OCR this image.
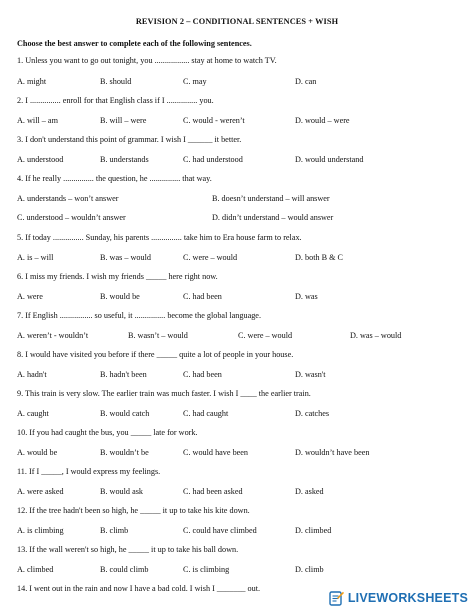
REVISION 2 – CONDITIONAL SENTENCES + WISH
Choose the best answer to complete each of the following sentences.
1. Unless you want to go out tonight, you ................. stay at home to watch TV.
A. might	B. should	C. may	D. can
2. I ............... enroll for that English class if I ............... you.
A. will – am	B. will – were	C. would - weren’t	D. would – were
3. I don't understand this point of grammar. I wish I ______ it better.
A. understood	B. understands	C. had understood	D. would understand
4. If he really ............... the question, he ............... that way.
A. understands – won’t answer	B. doesn’t understand – will answer
C. understood – wouldn’t answer	D. didn’t understand – would answer
5. If today ............... Sunday, his parents ............... take him to Era house farm to relax.
A. is – will	B. was – would	C. were – would	D. both B & C
6. I miss my friends. I wish my friends _____ here right now.
A. were	B. would be	C. had been	D. was
7. If English ................ so useful, it ............... become the global language.
A. weren’t - wouldn’t	B. wasn’t – would	C. were – would	D. was – would
8. I would have visited you before if there _____ quite a lot of people in your house.
A. hadn't	B. hadn't been	C. had been	D. wasn't
9. This train is very slow. The earlier train was much faster. I wish I ____ the earlier train.
A. caught	B. would catch	C. had caught	D. catches
10. If you had caught the bus, you _____ late for work.
A. would be	B. wouldn’t be	C. would have been	D. wouldn’t have been
11. If I _____, I would express my feelings.
A. were asked	B. would ask	C. had been asked	D. asked
12. If the tree hadn't been so high, he _____ it up to take his kite down.
A. is climbing	B. climb	C. could have climbed	D. climbed
13. If the wall weren't so high, he _____ it up to take his ball down.
A. climbed	B. could climb	C. is climbing	D. climb
14. I went out in the rain and now I have a bad cold. I wish I _______ out.
LIVEWORKSHEETS
